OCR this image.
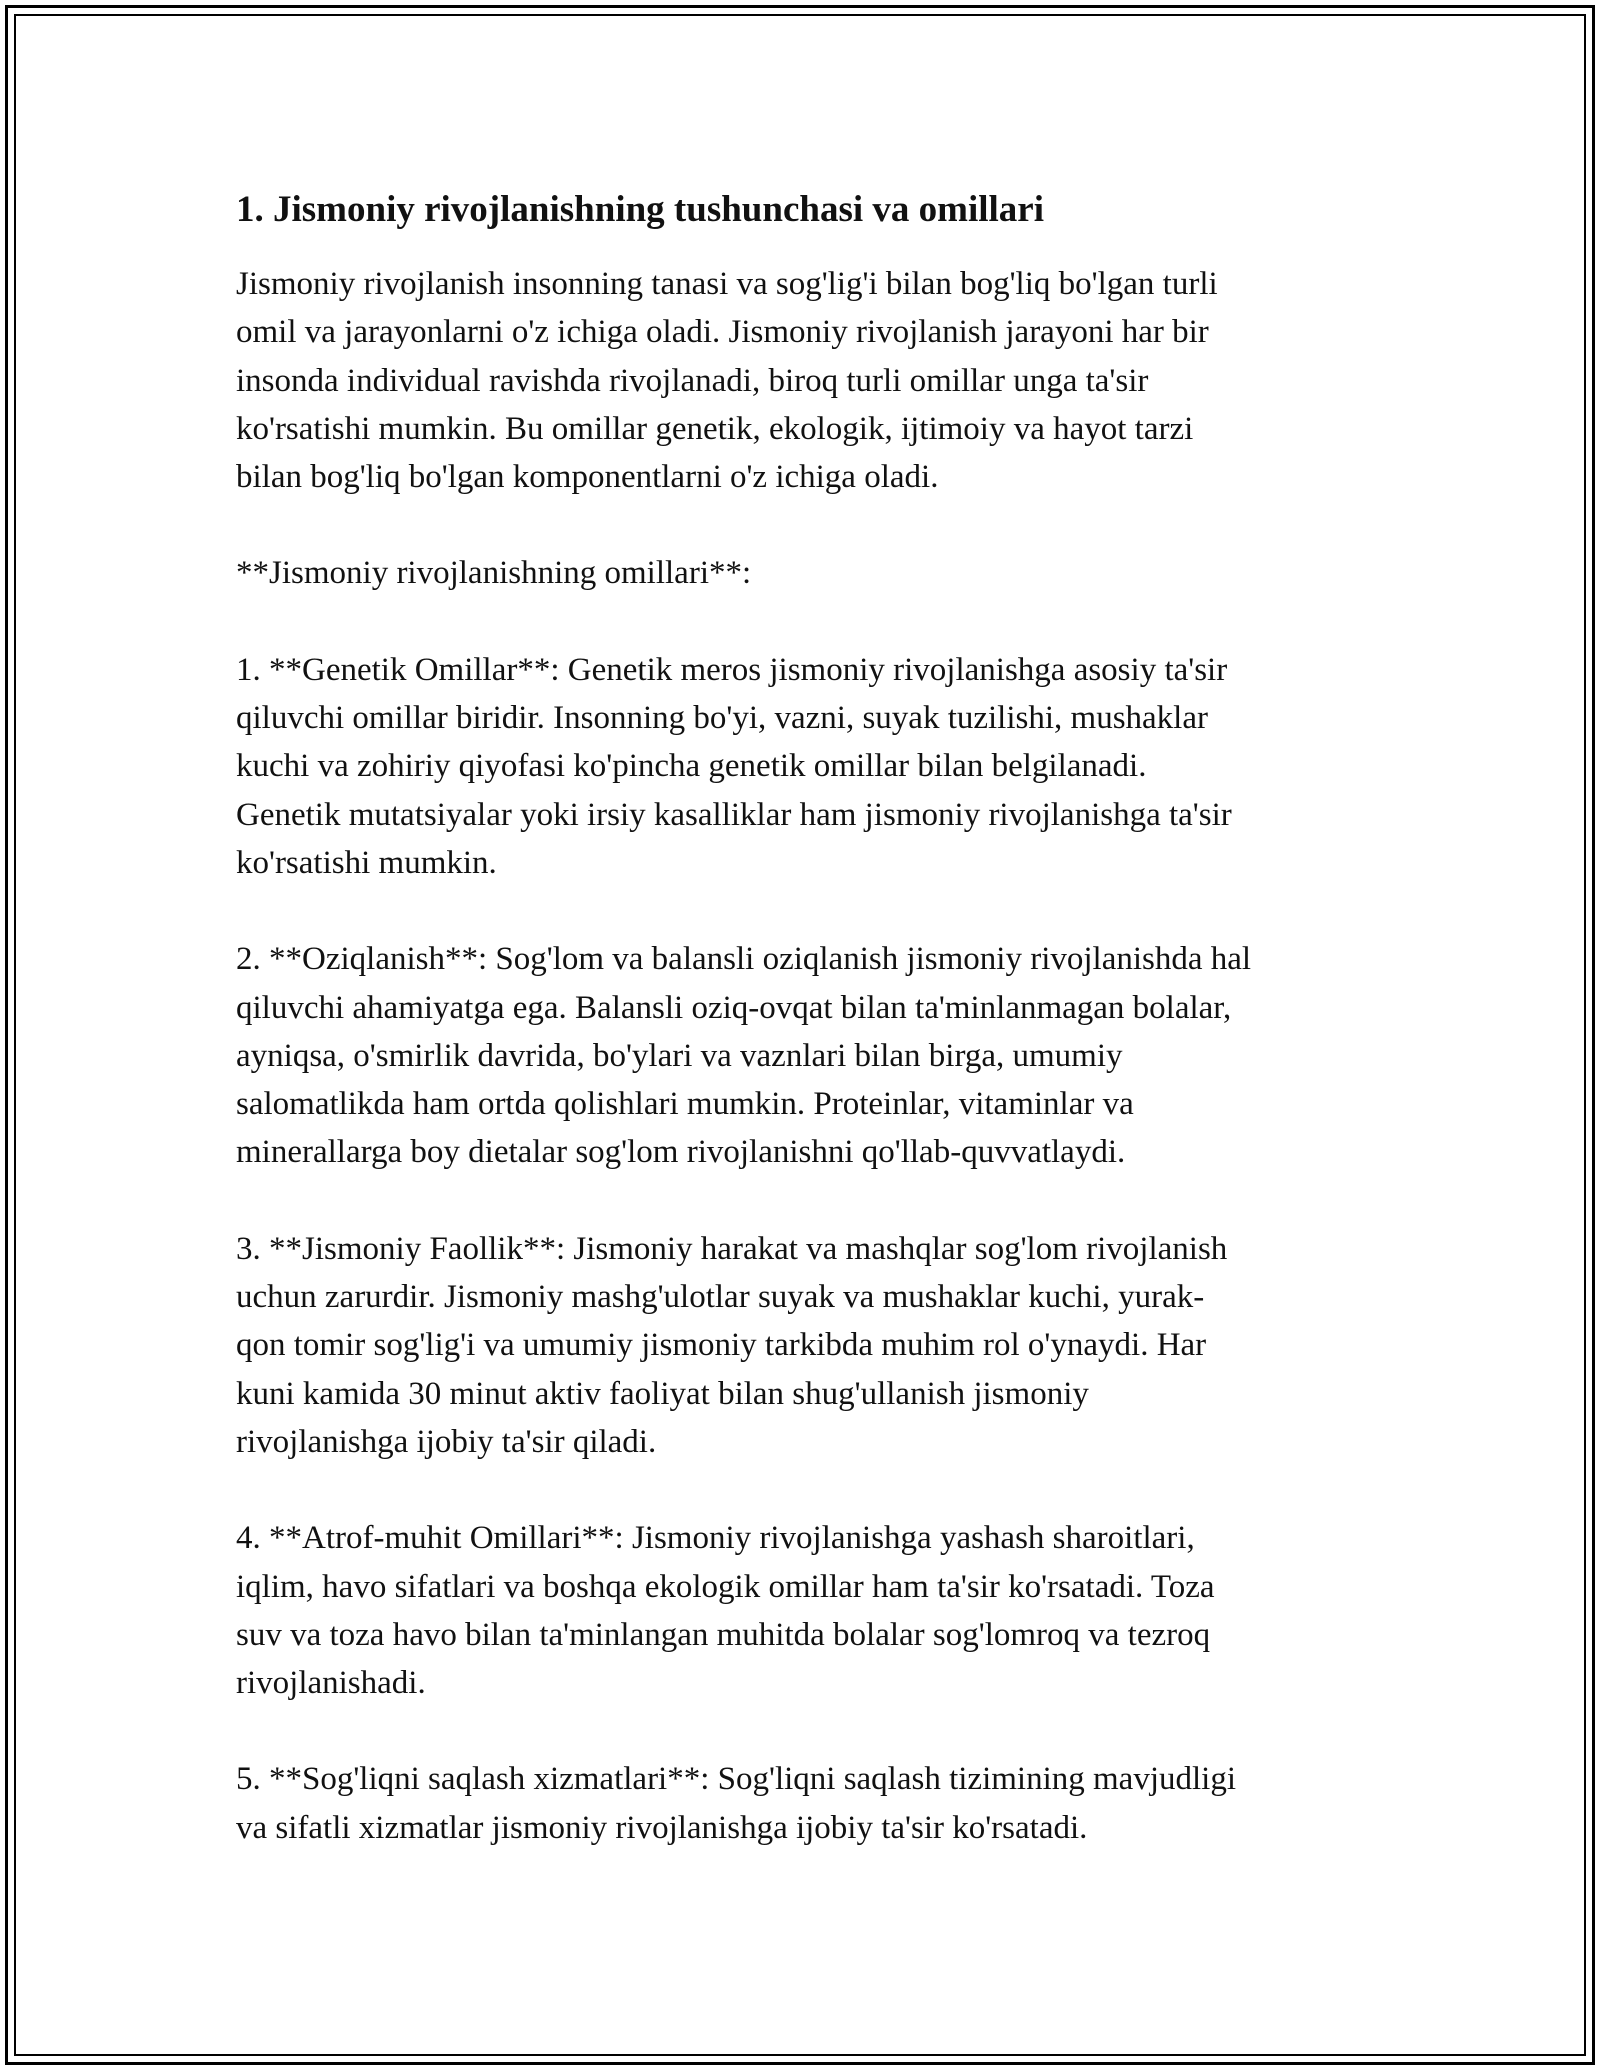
1. Jismoniy rivojlanishning tushunchasi va omillari

Jismoniy rivojlanish insonning tanasi va sog'lig'i bilan bog'liq bo'lgan turli
omil va jarayonlarni o'z ichiga oladi. Jismoniy rivojlanish jarayoni har bir
insonda individual ravishda rivojlanadi, biroq turli omillar unga ta'sir
ko'rsatishi mumkin. Bu omillar genetik, ekologik, ijtimoiy va hayot tarzi
bilan bog'liq bo'lgan komponentlarni o'z ichiga oladi.

**Jismoniy rivojlanishning omillari**:

1. **Genetik Omillar**: Genetik meros jismoniy rivojlanishga asosiy ta'sir
qiluvchi omillar biridir. Insonning bo'yi, vazni, suyak tuzilishi, mushaklar
kuchi va zohiriy qiyofasi ko'pincha genetik omillar bilan belgilanadi.
Genetik mutatsiyalar yoki irsiy kasalliklar ham jismoniy rivojlanishga ta'sir
ko'rsatishi mumkin.

2. **Oziqlanish**: Sog'lom va balansli oziqlanish jismoniy rivojlanishda hal
qiluvchi ahamiyatga ega. Balansli oziq-ovqat bilan ta'minlanmagan bolalar,
ayniqsa, o'smirlik davrida, bo'ylari va vaznlari bilan birga, umumiy
salomatlikda ham ortda qolishlari mumkin. Proteinlar, vitaminlar va
minerallarga boy dietalar sog'lom rivojlanishni qo'llab-quvvatlaydi.

3. **Jismoniy Faollik**: Jismoniy harakat va mashqlar sog'lom rivojlanish
uchun zarurdir. Jismoniy mashg'ulotlar suyak va mushaklar kuchi, yurak-
qon tomir sog'lig'i va umumiy jismoniy tarkibda muhim rol o'ynaydi. Har
kuni kamida 30 minut aktiv faoliyat bilan shug'ullanish jismoniy
rivojlanishga ijobiy ta'sir qiladi.

4. **Atrof-muhit Omillari**: Jismoniy rivojlanishga yashash sharoitlari,
iqlim, havo sifatlari va boshqa ekologik omillar ham ta'sir ko'rsatadi. Toza
suv va toza havo bilan ta'minlangan muhitda bolalar sog'lomroq va tezroq
rivojlanishadi.

5. **Sog'liqni saqlash xizmatlari**: Sog'liqni saqlash tizimining mavjudligi
va sifatli xizmatlar jismoniy rivojlanishga ijobiy ta'sir ko'rsatadi.
